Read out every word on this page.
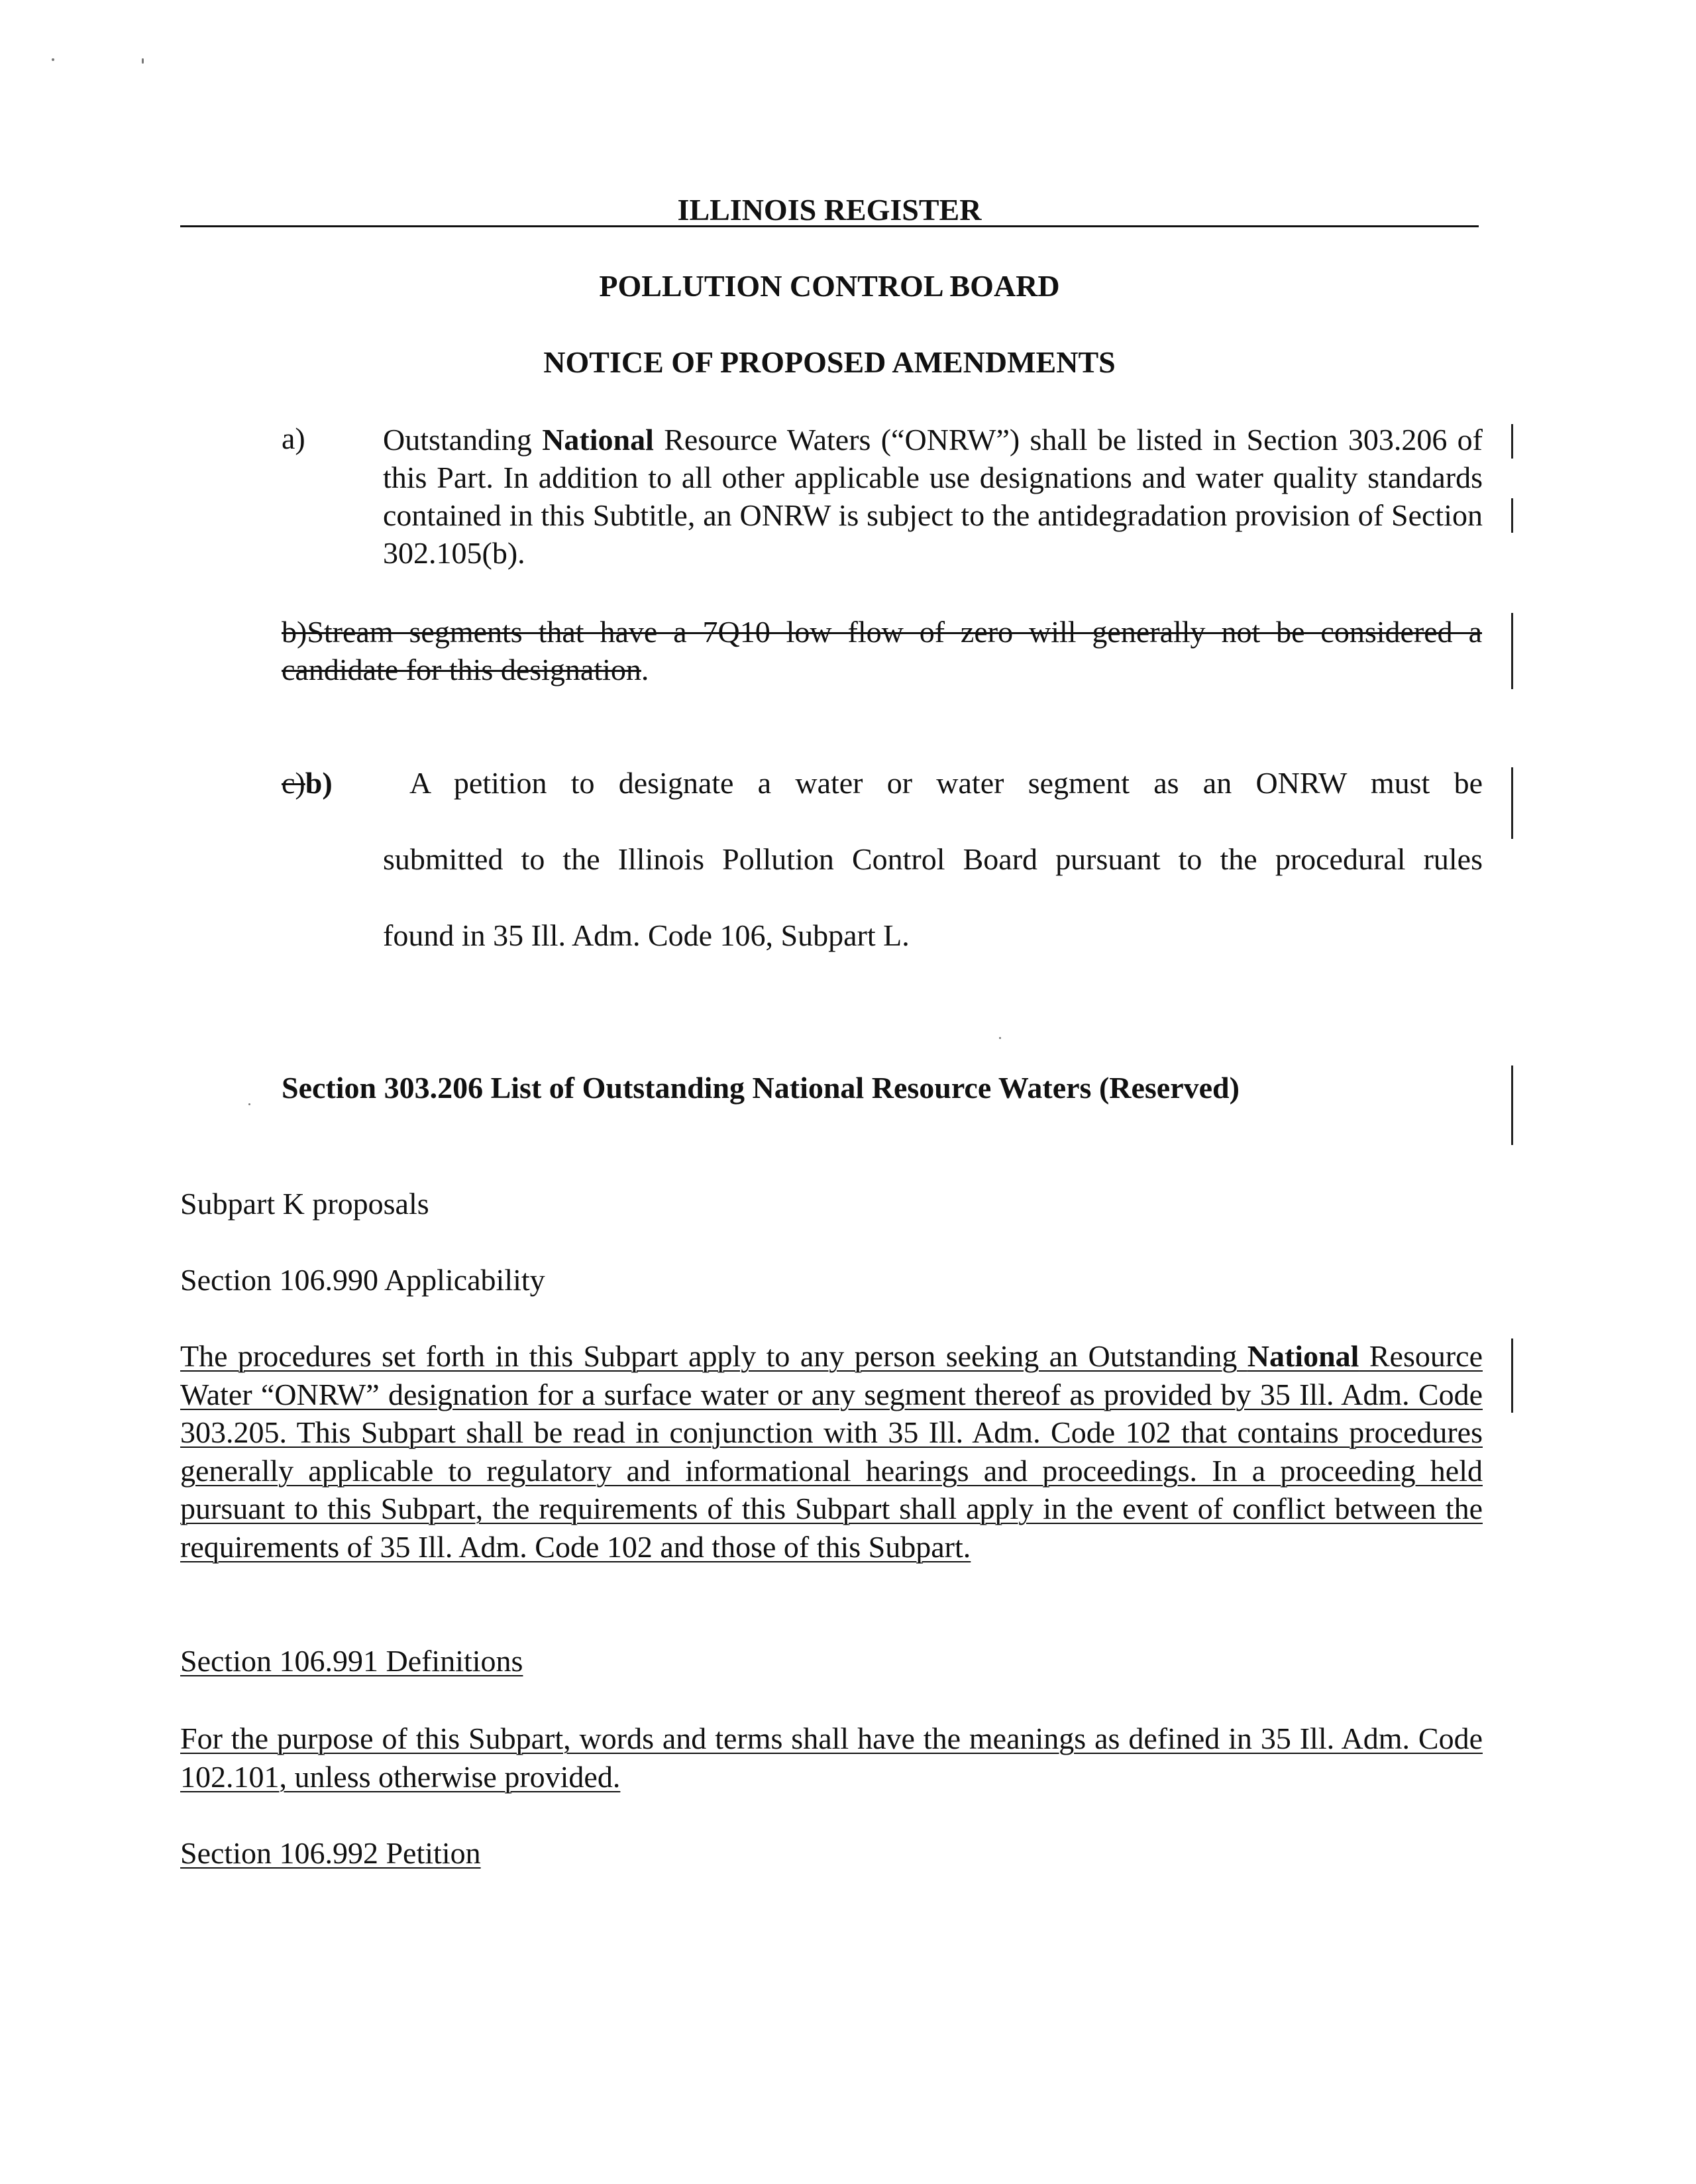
ILLINOIS REGISTER
POLLUTION CONTROL BOARD
NOTICE OF PROPOSED AMENDMENTS
a)	Outstanding National Resource Waters (“ONRW”) shall be listed in Section 303.206 of this Part. In addition to all other applicable use designations and water quality standards contained in this Subtitle, an ONRW is subject to the antidegradation provision of Section 302.105(b).
b)Stream segments that have a 7Q10 low flow of zero will generally not be considered a candidate for this designation.
c)b)	A petition to designate a water or water segment as an ONRW must be
submitted to the Illinois Pollution Control Board pursuant to the procedural rules
found in 35 Ill. Adm. Code 106, Subpart L.
Section 303.206 List of Outstanding National Resource Waters (Reserved)
Subpart K proposals
Section 106.990 Applicability
The procedures set forth in this Subpart apply to any person seeking an Outstanding National Resource Water “ONRW” designation for a surface water or any segment thereof as provided by 35 Ill. Adm. Code 303.205. This Subpart shall be read in conjunction with 35 Ill. Adm. Code 102 that contains procedures generally applicable to regulatory and informational hearings and proceedings. In a proceeding held pursuant to this Subpart, the requirements of this Subpart shall apply in the event of conflict between the requirements of 35 Ill. Adm. Code 102 and those of this Subpart.
Section 106.991 Definitions
For the purpose of this Subpart, words and terms shall have the meanings as defined in 35 Ill. Adm. Code 102.101, unless otherwise provided.
Section 106.992 Petition
